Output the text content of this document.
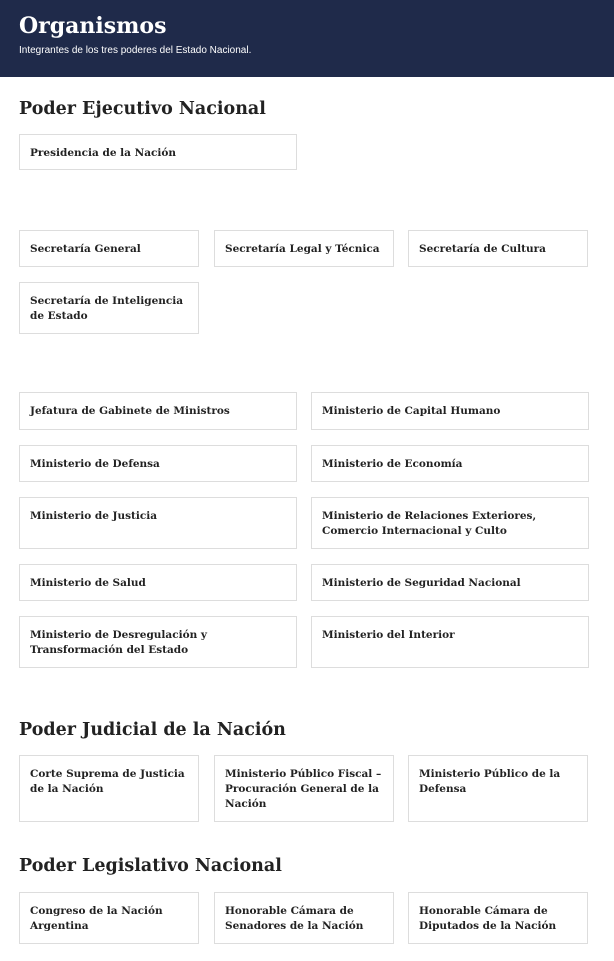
Organismos
Integrantes de los tres poderes del Estado Nacional.
Poder Ejecutivo Nacional
Presidencia de la Nación
Secretaría General	Secretaría Legal y Técnica	Secretaría de Cultura
Secretaría de Inteligencia de Estado
Jefatura de Gabinete de Ministros	Ministerio de Capital Humano
Ministerio de Defensa	Ministerio de Economía
Ministerio de Justicia	Ministerio de Relaciones Exteriores, Comercio Internacional y Culto
Ministerio de Salud	Ministerio de Seguridad Nacional
Ministerio de Desregulación y Transformación del Estado
Ministerio del Interior
Poder Judicial de la Nación
Corte Suprema de Justicia de la Nación
Ministerio Público Fiscal – Procuración General de la Nación
Ministerio Público de la Defensa
Poder Legislativo Nacional
Congreso de la Nación Argentina
Honorable Cámara de Senadores de la Nación
Honorable Cámara de Diputados de la Nación
